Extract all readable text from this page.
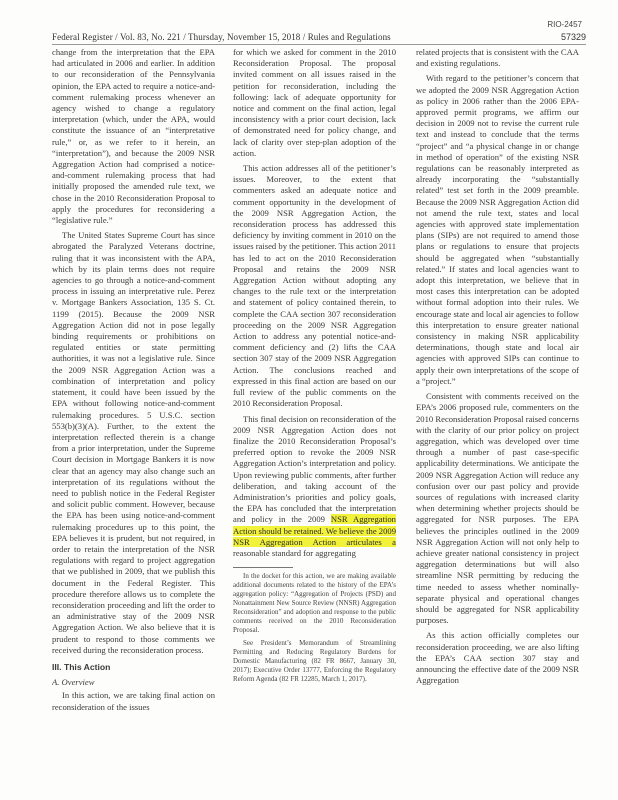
RIO-2457
Federal Register / Vol. 83, No. 221 / Thursday, November 15, 2018 / Rules and Regulations	57329

change from the interpretation that the EPA had articulated in 2006 and earlier. In addition to our reconsideration of the Pennsylvania opinion, the EPA acted to require a notice-and-comment rulemaking process whenever an agency wished to change a regulatory interpretation (which, under the APA, would constitute the issuance of an “interpretative rule,” or, as we refer to it herein, an “interpretation”), and because the 2009 NSR Aggregation Action had comprised a notice-and-comment rulemaking process that had initially proposed the amended rule text, we chose in the 2010 Reconsideration Proposal to apply the procedures for reconsidering a “legislative rule.”

The United States Supreme Court has since abrogated the Paralyzed Veterans doctrine, ruling that it was inconsistent with the APA, which by its plain terms does not require agencies to go through a notice-and-comment process in issuing an interpretative rule. Perez v. Mortgage Bankers Association, 135 S. Ct. 1199 (2015). Because the 2009 NSR Aggregation Action did not in pose legally binding requirements or prohibitions on regulated entities or state permitting authorities, it was not a legislative rule. Since the 2009 NSR Aggregation Action was a combination of interpretation and policy statement, it could have been issued by the EPA without following notice-and-comment rulemaking procedures. 5 U.S.C. section 553(b)(3)(A). Further, to the extent the interpretation reflected therein is a change from a prior interpretation, under the Supreme Court decision in Mortgage Bankers it is now clear that an agency may also change such an interpretation of its regulations without the need to publish notice in the Federal Register and solicit public comment. However, because the EPA has been using notice-and-comment rulemaking procedures up to this point, the EPA believes it is prudent, but not required, in order to retain the interpretation of the NSR regulations with regard to project aggregation that we published in 2009, that we publish this document in the Federal Register. This procedure therefore allows us to complete the reconsideration proceeding and lift the order to an administrative stay of the 2009 NSR Aggregation Action. We also believe that it is prudent to respond to those comments we received during the reconsideration process.

III. This Action
A. Overview

In this action, we are taking final action on reconsideration of the issues

for which we asked for comment in the 2010 Reconsideration Proposal. The proposal invited comment on all issues raised in the petition for reconsideration, including the following: lack of adequate opportunity for notice and comment on the final action, legal inconsistency with a prior court decision, lack of demonstrated need for policy change, and lack of clarity over step-plan adoption of the action.

This action addresses all of the petitioner’s issues. Moreover, to the extent that commenters asked an adequate notice and comment opportunity in the development of the 2009 NSR Aggregation Action, the reconsideration process has addressed this deficiency by inviting comment in 2010 on the issues raised by the petitioner. This action 2011 has led to act on the 2010 Reconsideration Proposal and retains the 2009 NSR Aggregation Action without adopting any changes to the rule text or the interpretation and statement of policy contained therein, to complete the CAA section 307 reconsideration proceeding on the 2009 NSR Aggregation Action to address any potential notice-and-comment deficiency and (2) lifts the CAA section 307 stay of the 2009 NSR Aggregation Action. The conclusions reached and expressed in this final action are based on our full review of the public comments on the 2010 Reconsideration Proposal.

This final decision on reconsideration of the 2009 NSR Aggregation Action does not finalize the 2010 Reconsideration Proposal’s preferred option to revoke the 2009 NSR Aggregation Action’s interpretation and policy. Upon reviewing public comments, after further deliberation, and taking account of the Administration’s priorities and policy goals, the EPA has concluded that the interpretation and policy in the 2009 NSR Aggregation Action should be retained. We believe the 2009 NSR Aggregation Action articulates a reasonable standard for aggregating

In the docket for this action, we are making available additional documents related to the history of the EPA’s aggregation policy: “Aggregation of Projects (PSD) and Nonattainment New Source Review (NNSR) Aggregation Reconsideration” and adoption and response to the public comments received on the 2010 Reconsideration Proposal.

See President’s Memorandum of Streamlining Permitting and Reducing Regulatory Burdens for Domestic Manufacturing (82 FR 8667, January 30, 2017); Executive Order 13777, Enforcing the Regulatory Reform Agenda (82 FR 12285, March 1, 2017).

related projects that is consistent with the CAA and existing regulations.

With regard to the petitioner’s concern that we adopted the 2009 NSR Aggregation Action as policy in 2006 rather than the 2006 EPA-approved permit programs, we affirm our decision in 2009 not to revise the current rule text and instead to conclude that the terms “project” and “a physical change in or change in method of operation” of the existing NSR regulations can be reasonably interpreted as already incorporating the “substantially related” test set forth in the 2009 preamble. Because the 2009 NSR Aggregation Action did not amend the rule text, states and local agencies with approved state implementation plans (SIPs) are not required to amend those plans or regulations to ensure that projects should be aggregated when “substantially related.” If states and local agencies want to adopt this interpretation, we believe that in most cases this interpretation can be adopted without formal adoption into their rules. We encourage state and local air agencies to follow this interpretation to ensure greater national consistency in making NSR applicability determinations, though state and local air agencies with approved SIPs can continue to apply their own interpretations of the scope of a “project.”

Consistent with comments received on the EPA’s 2006 proposed rule, commenters on the 2010 Reconsideration Proposal raised concerns with the clarity of our prior policy on project aggregation, which was developed over time through a number of past case-specific applicability determinations. We anticipate the 2009 NSR Aggregation Action will reduce any confusion over our past policy and provide sources of regulations with increased clarity when determining whether projects should be aggregated for NSR purposes. The EPA believes the principles outlined in the 2009 NSR Aggregation Action will not only help to achieve greater national consistency in project aggregation determinations but will also streamline NSR permitting by reducing the time needed to assess whether nominally-separate physical and operational changes should be aggregated for NSR applicability purposes.

As this action officially completes our reconsideration proceeding, we are also lifting the EPA’s CAA section 307 stay and announcing the effective date of the 2009 NSR Aggregation
